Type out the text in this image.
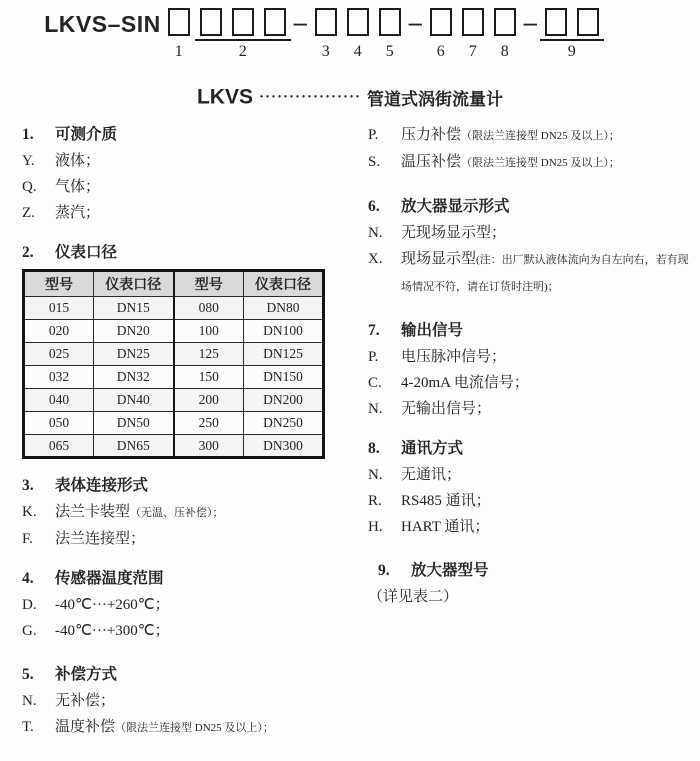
LKVS–SIN
1	2
–
3	4	5
–
6	7	8
–
9
LKVS ················· 管道式涡街流量计
1.	可测介质
Y.	液体；
Q.	气体；
Z.	蒸汽；
2.	仪表口径
型号	仪表口径	型号	仪表口径
015	DN15	080	DN80
020	DN20	100	DN100
025	DN25	125	DN125
032	DN32	150	DN150
040	DN40	200	DN200
050	DN50	250	DN250
065	DN65	300	DN300
3.	表体连接形式
K.	法兰卡装型（无温、压补偿）；
F.	法兰连接型；
4.	传感器温度范围
D.	-40℃···+260℃；
G.	-40℃···+300℃；
5.	补偿方式
N.	无补偿；
T.	温度补偿（限法兰连接型 DN25 及以上）；
P.	压力补偿（限法兰连接型 DN25 及以上）；
S.	温压补偿（限法兰连接型 DN25 及以上）；
6.	放大器显示形式
N.	无现场显示型；
X.	现场显示型(注：出厂默认液体流向为自左向右，若有现场情况不符，请在订货时注明)；
7.	输出信号
P.	电压脉冲信号；
C.	4-20mA 电流信号；
N.	无输出信号；
8.	通讯方式
N.	无通讯；
R.	RS485 通讯；
H.	HART 通讯；
9.	放大器型号
（详见表二）
